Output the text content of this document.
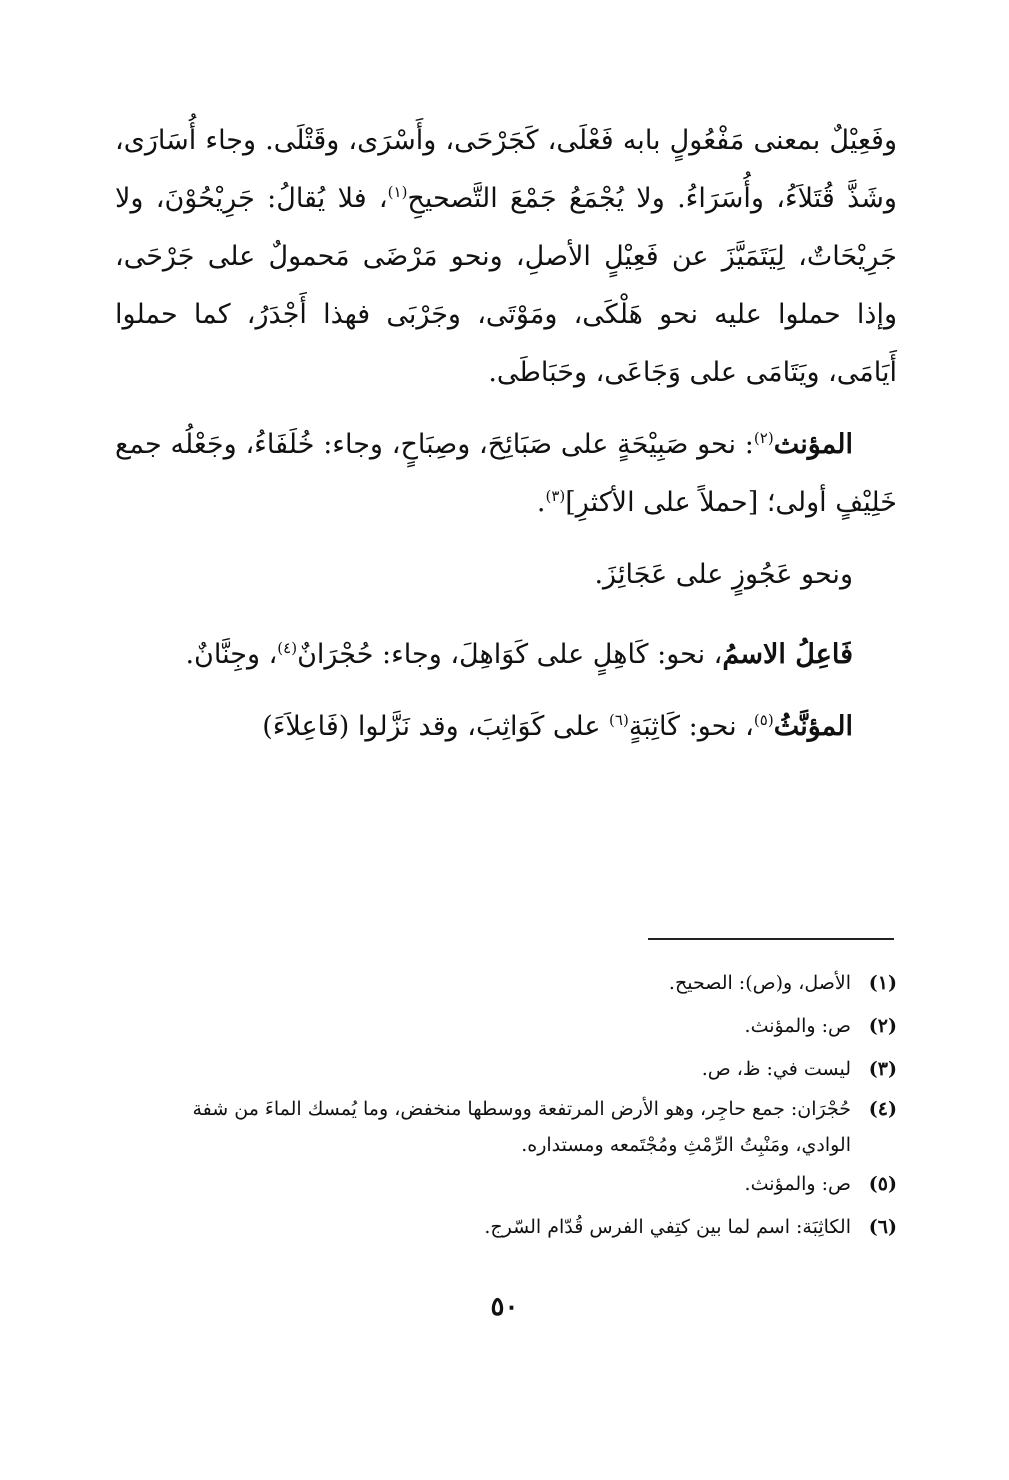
وفَعِيْلٌ بمعنى مَفْعُولٍ بابه فَعْلَى، كَجَرْحَى، وأَسْرَى، وقَتْلَى. وجاء أُسَارَى، وشَذَّ قُتَلاَءُ، وأُسَرَاءُ. ولا يُجْمَعُ جَمْعَ التَّصحيحِ$^{(١)}$، فلا يُقالُ: جَرِيْحُوْنَ، ولا جَرِيْحَاتٌ، لِيَتَمَيَّزَ عن فَعِيْلٍ الأصلِ، ونحو مَرْضَى مَحمولٌ على جَرْحَى، وإذا حملوا عليه نحو هَلْكَى، ومَوْتَى، وجَرْبَى فهذا أَجْدَرُ، كما حملوا أَيَامَى، ويَتَامَى على وَجَاعَى، وحَبَاطَى.

المؤنث$^{(٢)}$: نحو صَبِيْحَةٍ على صَبَائِحَ، وصِبَاحٍ، وجاء: خُلَفَاءُ، وجَعْلُه جمع خَلِيْفٍ أولى؛ [حملاً على الأكثرِ]$^{(٣)}$.

ونحو عَجُوزٍ على عَجَائِزَ.

فَاعِلُ الاسمُ، نحو: كَاهِلٍ على كَوَاهِلَ، وجاء: حُجْرَانٌ$^{(٤)}$، وجِنَّانٌ.

المؤنَّثُ$^{(٥)}$، نحو: كَاثِبَةٍ$^{(٦)}$ على كَوَاثِبَ، وقد نَزَّلوا (فَاعِلاَءَ)

(١)
الأصل، و(ص): الصحيح.
(٢)
ص: والمؤنث.
(٣)
ليست في: ظ، ص.
(٤)
حُجْرَان: جمع حاجِر، وهو الأرض المرتفعة ووسطها منخفض، وما يُمسك الماءَ من شفة الوادي، ومَنْبِتُ الرِّمْثِ ومُجْتَمعه ومستداره.
(٥)
ص: والمؤنث.
(٦)
الكاثِبَة: اسم لما بين كتِفي الفرس قُدّام السّرج.
٥٠
